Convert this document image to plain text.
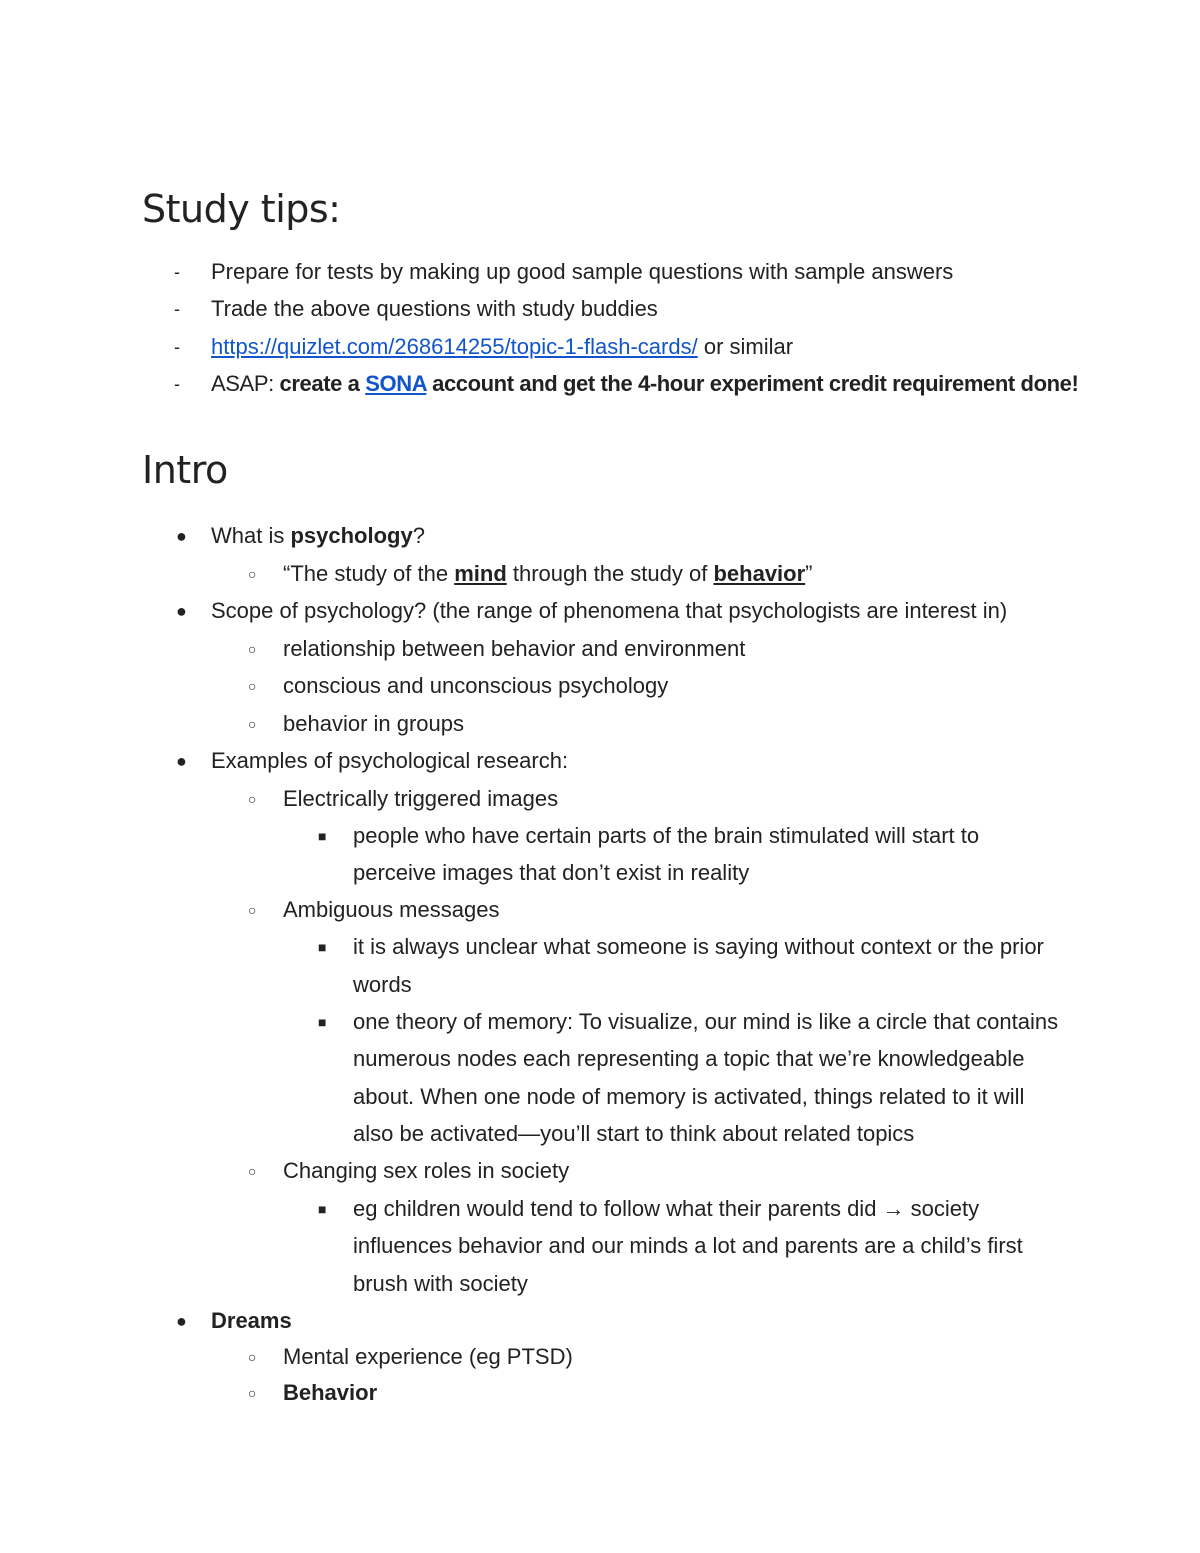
Study tips:
- Prepare for tests by making up good sample questions with sample answers
- Trade the above questions with study buddies
- https://quizlet.com/268614255/topic-1-flash-cards/ or similar
- ASAP: create a SONA account and get the 4-hour experiment credit requirement done!
Intro
● What is psychology?
○ “The study of the mind through the study of behavior”
● Scope of psychology? (the range of phenomena that psychologists are interest in)
○ relationship between behavior and environment
○ conscious and unconscious psychology
○ behavior in groups
● Examples of psychological research:
○ Electrically triggered images
■ people who have certain parts of the brain stimulated will start to
perceive images that don’t exist in reality
○ Ambiguous messages
■ it is always unclear what someone is saying without context or the prior
words
■ one theory of memory: To visualize, our mind is like a circle that contains
numerous nodes each representing a topic that we’re knowledgeable
about. When one node of memory is activated, things related to it will
also be activated—you’ll start to think about related topics
○ Changing sex roles in society
■ eg children would tend to follow what their parents did → society
influences behavior and our minds a lot and parents are a child’s first
brush with society
● Dreams
○ Mental experience (eg PTSD)
○ Behavior
